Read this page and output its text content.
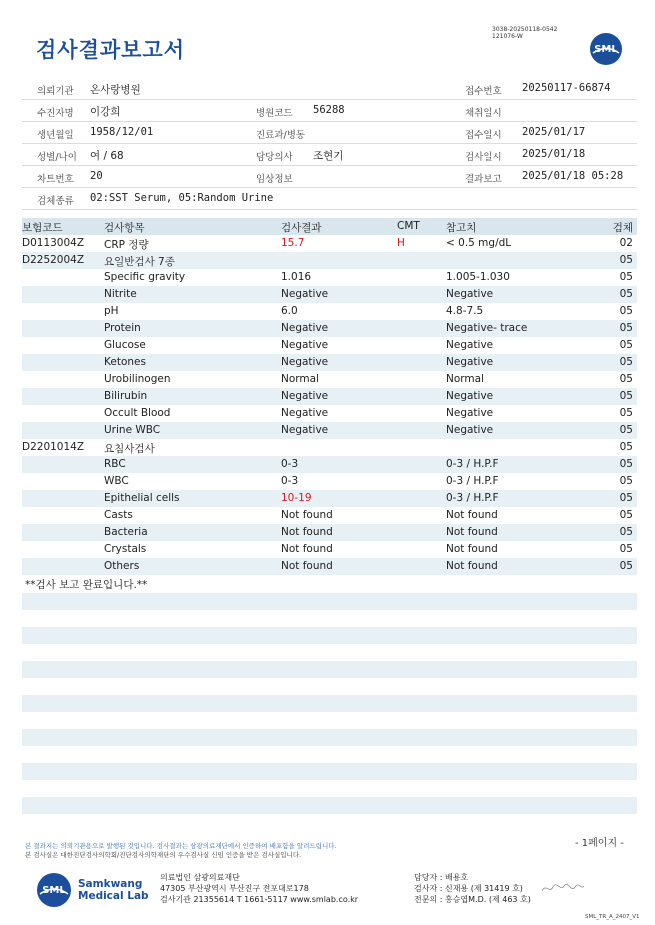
검사결과보고서
3038-20250118-0542
121076-W
SML
의뢰기관 온사랑병원	접수번호 20250117-66874
수진자명 이강희	병원코드 56288	채취일시
생년월일 1958/12/01	진료과/병동	접수일시 2025/01/17
성별/나이 여 / 68	담당의사 조현기	검사일시 2025/01/18
차트번호 20	임상정보	결과보고 2025/01/18 05:28
검체종류 02:SST Serum, 05:Random Urine
보험코드	검사항목	검사결과	CMT 참고치	검체
D0113004Z CRP 정량	15.7	H	< 0.5 mg/dL	02
D2252004Z 요일반검사 7종	05
Specific gravity	1.016	1.005-1.030	05
Nitrite	Negative	Negative	05
pH	6.0	4.8-7.5	05
Protein	Negative	Negative- trace	05
Glucose	Negative	Negative	05
Ketones	Negative	Negative	05
Urobilinogen	Normal	Normal	05
Bilirubin	Negative	Negative	05
Occult Blood	Negative	Negative	05
Urine WBC	Negative	Negative	05
D2201014Z 요침사검사	05
RBC	0-3	0-3 / H.P.F	05
WBC	0-3	0-3 / H.P.F	05
Epithelial cells	10-19	0-3 / H.P.F	05
Casts	Not found	Not found	05
Bacteria	Not found	Not found	05
Crystals	Not found	Not found	05
Others	Not found	Not found	05
**검사 보고 완료입니다.**
- 1페이지 -
본 결과지는 의뢰기관용으로 발행된 것입니다. 검사결과는 삼광의료재단에서 인증하여 배포함을 알려드립니다.
본 검사실은 대한진단검사의학회/진단검사의학재단의 우수검사실 신임 인증을 받은 검사실입니다.
SML
Samkwang
Medical Lab
의료법인 삼광의료재단
47305 부산광역시 부산진구 전포대로178
검사기관 21355614 T 1661-5117 www.smlab.co.kr
담당자 : 배용호
검사자 : 신재용 (제 31419 호)
전문의 : 홍승엽M.D. (제 463 호)
SML_TR_A_2407_V1
